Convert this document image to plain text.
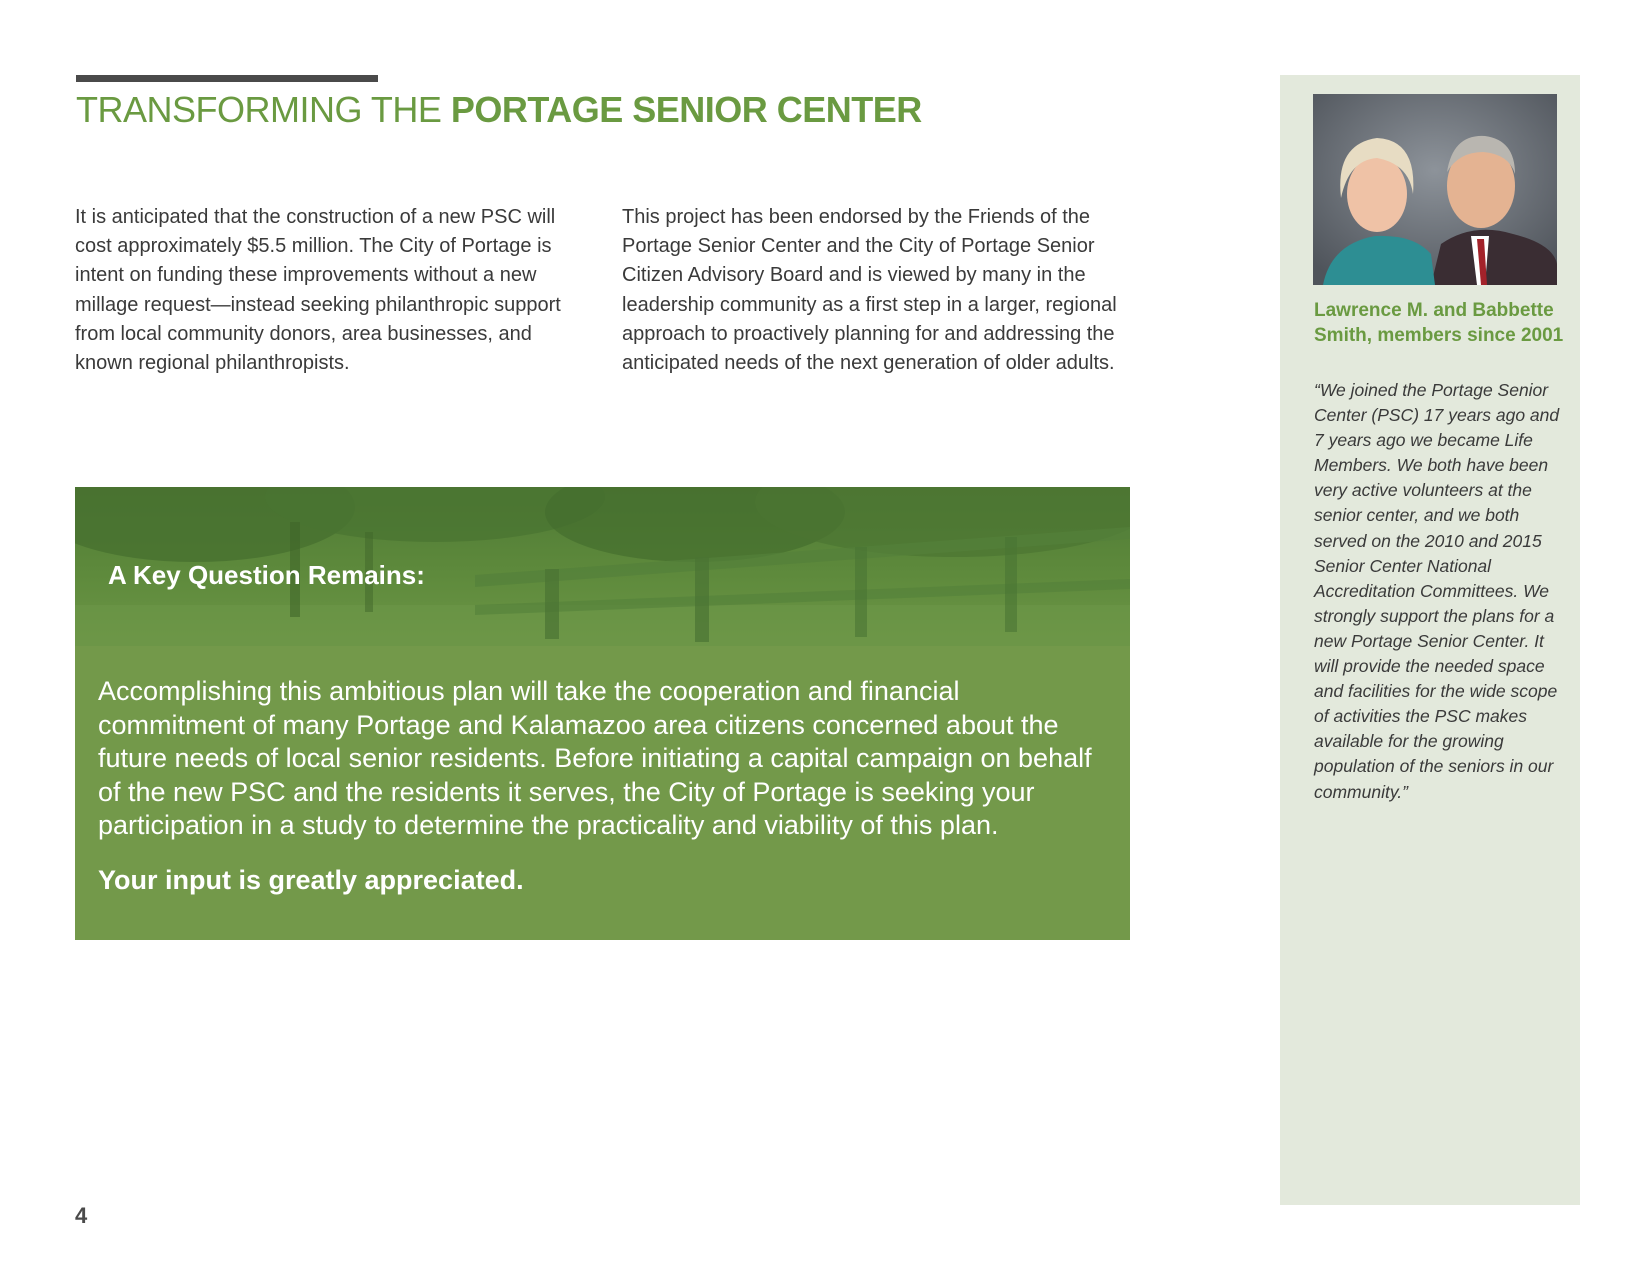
TRANSFORMING THE PORTAGE SENIOR CENTER

It is anticipated that the construction of a new PSC will cost approximately $5.5 million. The City of Portage is intent on funding these improvements without a new millage request—instead seeking philanthropic support from local community donors, area businesses, and known regional philanthropists.

This project has been endorsed by the Friends of the Portage Senior Center and the City of Portage Senior Citizen Advisory Board and is viewed by many in the leadership community as a first step in a larger, regional approach to proactively planning for and addressing the anticipated needs of the next generation of older adults.

A Key Question Remains:

Accomplishing this ambitious plan will take the cooperation and financial commitment of many Portage and Kalamazoo area citizens concerned about the future needs of local senior residents. Before initiating a capital campaign on behalf of the new PSC and the residents it serves, the City of Portage is seeking your participation in a study to determine the practicality and viability of this plan.

Your input is greatly appreciated.

Lawrence M. and Babbette Smith, members since 2001

“We joined the Portage Senior Center (PSC) 17 years ago and 7 years ago we became Life Members. We both have been very active volunteers at the senior center, and we both served on the 2010 and 2015 Senior Center National Accreditation Committees. We strongly support the plans for a new Portage Senior Center. It will provide the needed space and facilities for the wide scope of activities the PSC makes available for the growing population of the seniors in our community.”

4
